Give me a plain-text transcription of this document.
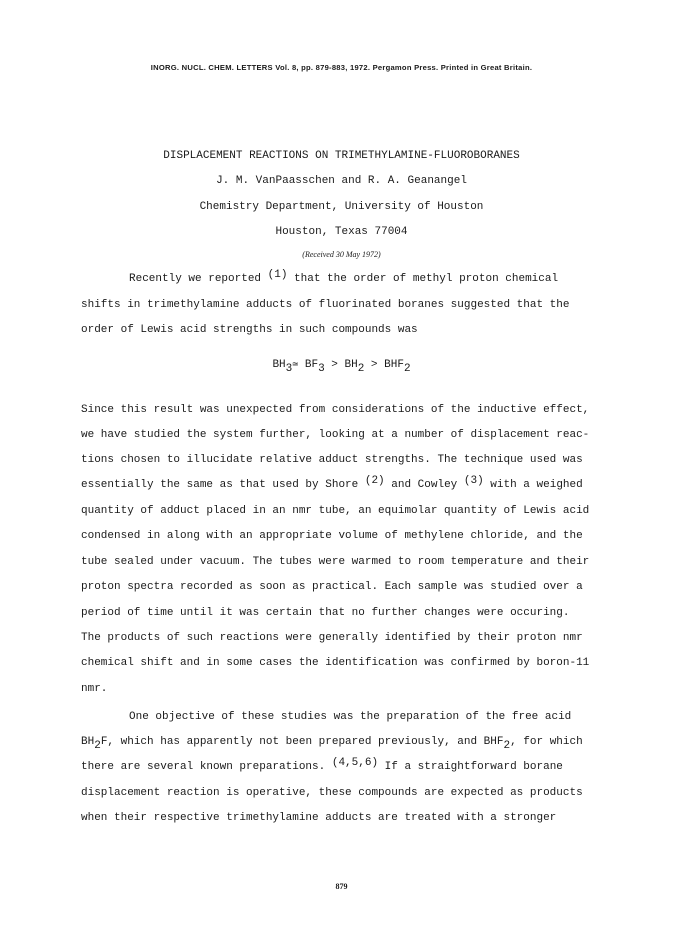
INORG. NUCL. CHEM. LETTERS Vol. 8, pp. 879-883, 1972. Pergamon Press. Printed in Great Britain.
DISPLACEMENT REACTIONS ON TRIMETHYLAMINE-FLUOROBORANES
J. M. VanPaasschen and R. A. Geanangel
Chemistry Department, University of Houston
Houston, Texas 77004
(Received 30 May 1972)
Recently we reported $^{(1)}$ that the order of methyl proton chemical
shifts in trimethylamine adducts of fluorinated boranes suggested that the
order of Lewis acid strengths in such compounds was
$BH_3≃$ $BF_3 > BH_2 > BHF_2$
Since this result was unexpected from considerations of the inductive effect,
we have studied the system further, looking at a number of displacement reac-
tions chosen to illucidate relative adduct strengths. The technique used was
essentially the same as that used by Shore $^{(2)}$ and Cowley $^{(3)}$ with a weighed
quantity of adduct placed in an nmr tube, an equimolar quantity of Lewis acid
condensed in along with an appropriate volume of methylene chloride, and the
tube sealed under vacuum. The tubes were warmed to room temperature and their
proton spectra recorded as soon as practical. Each sample was studied over a
period of time until it was certain that no further changes were occuring.
The products of such reactions were generally identified by their proton nmr
chemical shift and in some cases the identification was confirmed by boron-11
nmr.
One objective of these studies was the preparation of the free acid
$BH_2F$, which has apparently not been prepared previously, and $BHF_2$, for which
there are several known preparations. $^{(4,5,6)}$ If a straightforward borane
displacement reaction is operative, these compounds are expected as products
when their respective trimethylamine adducts are treated with a stronger
879
